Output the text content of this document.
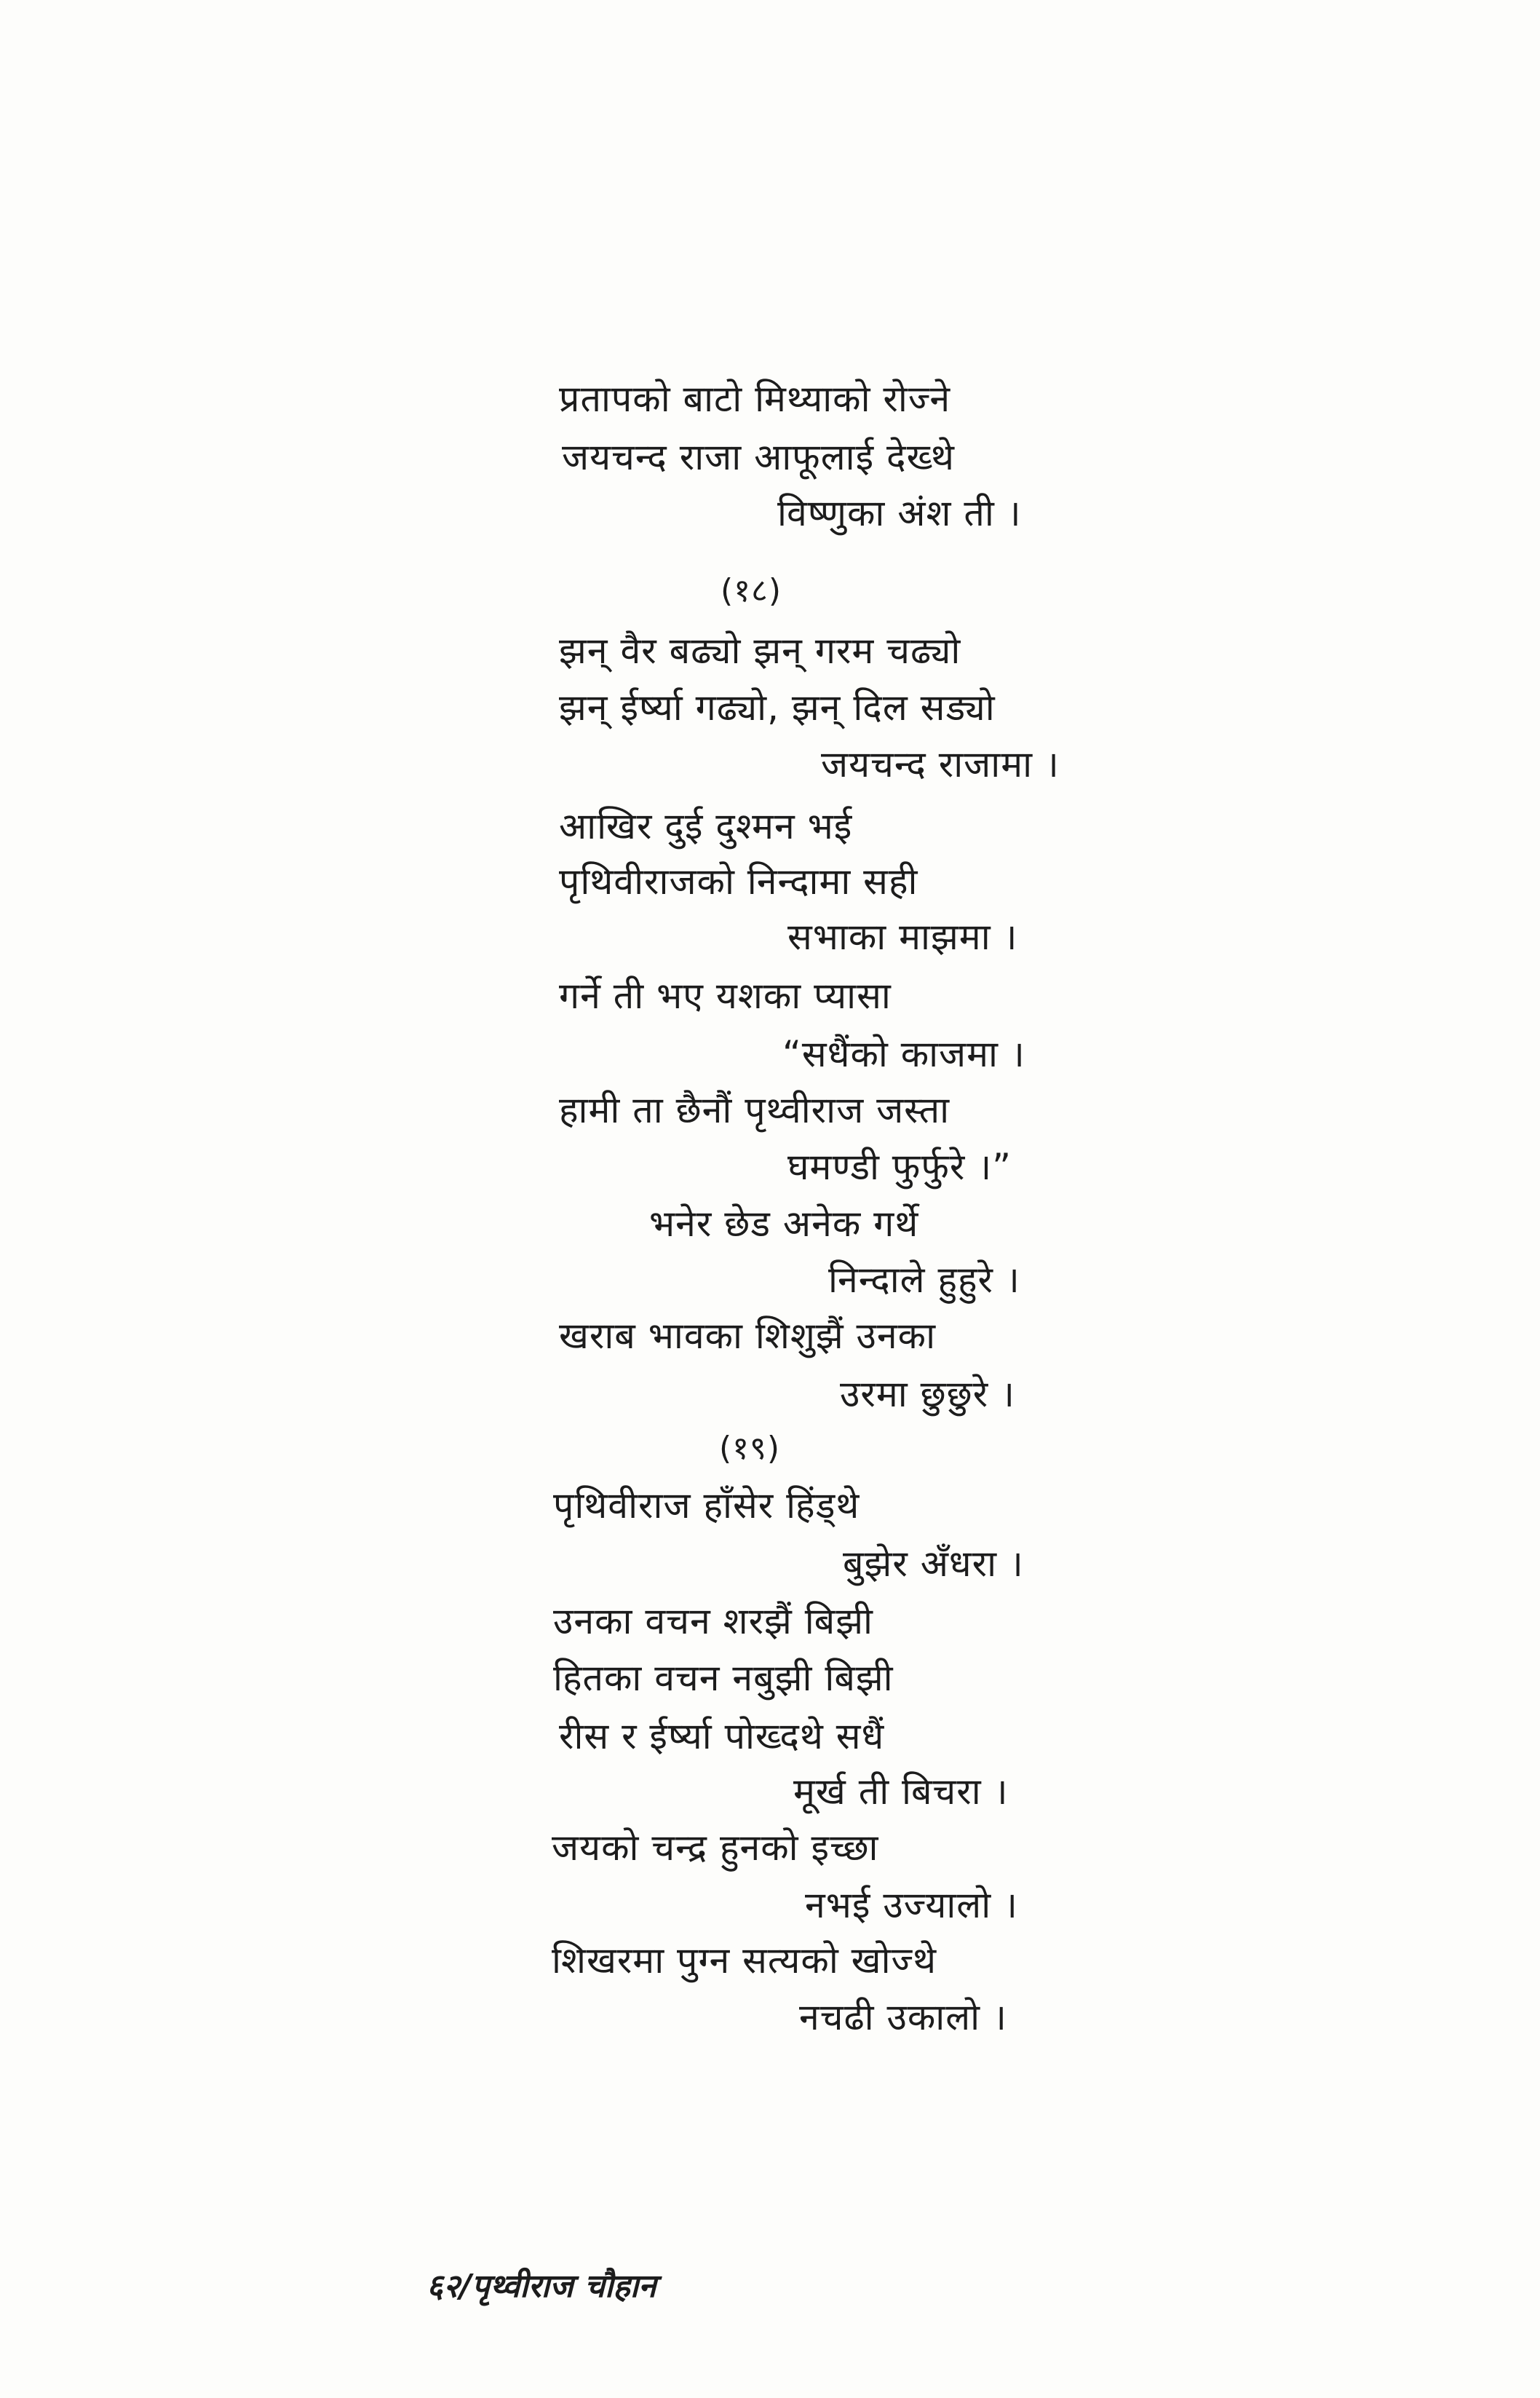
प्रतापको बाटो मिथ्याको रोज्ने
जयचन्द राजा आफूलाई देख्थे
विष्णुका अंश ती ।
(१८)
झन् वैर बढ्यो झन् गरम चढ्यो
झन् ईर्ष्या गढ्यो, झन् दिल सड्यो
जयचन्द राजामा ।
आखिर दुई दुश्मन भई
पृथिवीराजको निन्दामा सही
सभाका माझमा ।
गर्ने ती भए यशका प्यासा
“सधैंको काजमा ।
हामी ता छैनौं पृथ्वीराज जस्ता
घमण्डी फुर्फुरे ।”
भनेर छेड अनेक गर्थे
निन्दाले हुहुरे ।
खराब भावका शिशुझैं उनका
उरमा छुछुरे ।
(१९)
पृथिवीराज हाँसेर हिंड्थे
बुझेर अँधरा ।
उनका वचन शरझैं बिझी
हितका वचन नबुझी बिझी
रीस र ईर्ष्या पोख्दथे सधैं
मूर्ख ती बिचरा ।
जयको चन्द्र हुनको इच्छा
नभई उज्यालो ।
शिखरमा पुग्न सत्यको खोज्थे
नचढी उकालो ।
६२/पृथ्वीराज चौहान
